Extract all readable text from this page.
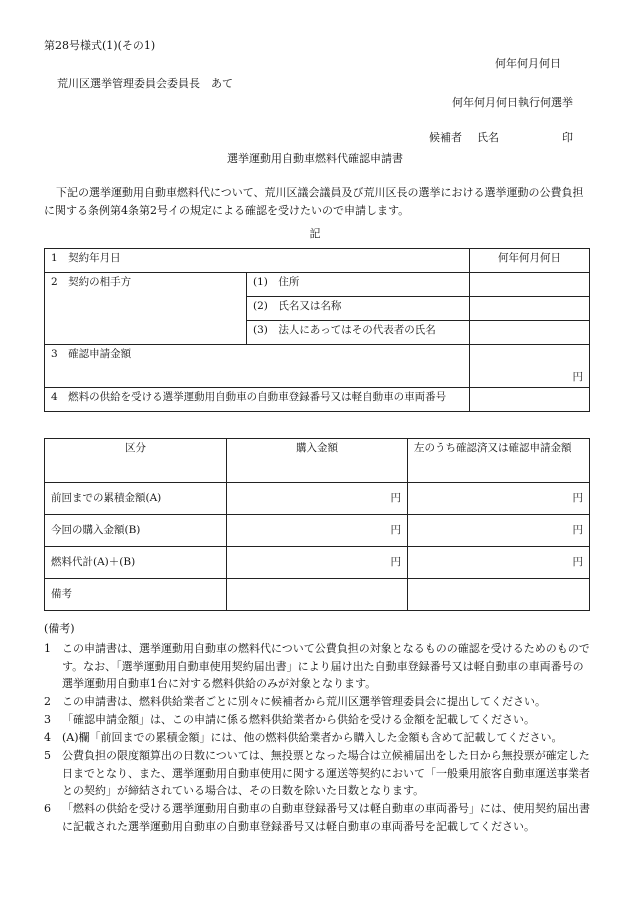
第28号様式(1)(その1)
何年何月何日
荒川区選挙管理委員会委員長　あて
何年何月何日執行何選挙
候補者 氏名	印
選挙運動用自動車燃料代確認申請書
下記の選挙運動用自動車燃料代について、荒川区議会議員及び荒川区長の選挙における選挙運動の公費負担に関する条例第4条第2号イの規定による確認を受けたいので申請します。
記
1　契約年月日		何年何月何日
2　契約の相手方	(1)　住所	
	(2)　氏名又は名称	
	(3)　法人にあってはその代表者の氏名	
3　確認申請金額		円
4　燃料の供給を受ける選挙運動用自動車の自動車登録番号又は軽自動車の車両番号		
区分	購入金額	左のうち確認済又は確認申請金額
前回までの累積金額(A)	円	円
今回の購入金額(B)	円	円
燃料代計(A)＋(B)	円	円
備考		
(備考)
1	この申請書は、選挙運動用自動車の燃料代について公費負担の対象となるものの確認を受けるためのものです。なお、「選挙運動用自動車使用契約届出書」により届け出た自動車登録番号又は軽自動車の車両番号の選挙運動用自動車1台に対する燃料供給のみが対象となります。
2	この申請書は、燃料供給業者ごとに別々に候補者から荒川区選挙管理委員会に提出してください。
3	「確認申請金額」は、この申請に係る燃料供給業者から供給を受ける金額を記載してください。
4	(A)欄「前回までの累積金額」には、他の燃料供給業者から購入した金額も含めて記載してください。
5	公費負担の限度額算出の日数については、無投票となった場合は立候補届出をした日から無投票が確定した日までとなり、また、選挙運動用自動車使用に関する運送等契約において「一般乗用旅客自動車運送事業者との契約」が締結されている場合は、その日数を除いた日数となります。
6	「燃料の供給を受ける選挙運動用自動車の自動車登録番号又は軽自動車の車両番号」には、使用契約届出書に記載された選挙運動用自動車の自動車登録番号又は軽自動車の車両番号を記載してください。
